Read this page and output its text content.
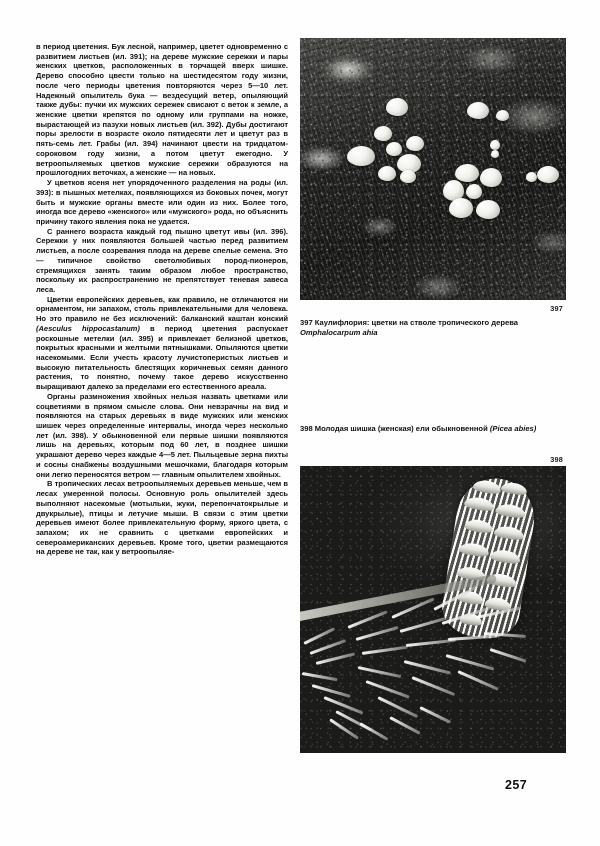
в период цветения. Бук лесной, например, цветет одновременно с развитием листьев (ил. 391); на дереве мужские сережки и пары женских цветков, расположенных в торчащей вверх шишке. Дерево способно цвести только на шестидесятом году жизни, после чего периоды цветения повторяются через 5—10 лет. Надежный опылитель бука — вездесущий ветер, опыляющий также дубы: пучки их мужских сережек свисают с веток к земле, а женские цветки крепятся по одному или группами на ножке, вырастающей из пазухи новых листьев (ил. 392). Дубы достигают поры зрелости в возрасте около пятидесяти лет и цветут раз в пять-семь лет. Грабы (ил. 394) начинают цвести на тридцатом-сороковом году жизни, а потом цветут ежегодно. У ветроопыляемых цветков мужские сережки образуются на прошлогодних веточках, а женские — на новых.

У цветков ясеня нет упорядоченного разделения на роды (ил. 393): в пышных метелках, появляющихся из боковых почек, могут быть и мужские органы вместе или один из них. Более того, иногда все дерево «женского» или «мужского» рода, но объяснить причину такого явления пока не удается.

С раннего возраста каждый год пышно цветут ивы (ил. 396). Сережки у них появляются большей частью перед развитием листьев, а после созревания плода на дереве спелые семена. Это — типичное свойство светолюбивых пород-пионеров, стремящихся занять таким образом любое пространство, поскольку их распространению не препятствует теневая завеса леса.

Цветки европейских деревьев, как правило, не отличаются ни орнаментом, ни запахом, столь привлекательными для человека. Но это правило не без исключений: балканский каштан конский (Aesculus hippocastanum) в период цветения распускает роскошные метелки (ил. 395) и привлекает белизной цветков, покрытых красными и желтыми пятнышками. Опыляются цветки насекомыми. Если учесть красоту лучистоперистых листьев и высокую питательность блестящих коричневых семян данного растения, то понятно, почему такое дерево искусственно выращивают далеко за пределами его естественного ареала.

Органы размножения хвойных нельзя назвать цветками или соцветиями в прямом смысле слова. Они невзрачны на вид и появляются на старых деревьях в виде мужских или женских шишек через определенные интервалы, иногда через несколько лет (ил. 398). У обыкновенной ели первые шишки появляются лишь на деревьях, которым под 60 лет, в позднее шишки украшают дерево через каждые 4—5 лет. Пыльцевые зерна пихты и сосны снабжены воздушными мешочками, благодаря которым они легко переносятся ветром — главным опылителем хвойных.

В тропических лесах ветроопыляемых деревьев меньше, чем в лесах умеренной полосы. Основную роль опылителей здесь выполняют насекомые (мотыльки, жуки, перепончатокрылые и двукрылые), птицы и летучие мыши. В связи с этим цветки деревьев имеют более привлекательную форму, яркого цвета, с запахом; их не сравнить с цветками европейских и североамериканских деревьев. Кроме того, цветки размещаются на дереве не так, как у ветроопыляе-

397
397 Каулифлория: цветки на стволе тропического дерева Omphalocarpum ahia
398 Молодая шишка (женская) ели обыкновенной (Picea abies)
398
257
